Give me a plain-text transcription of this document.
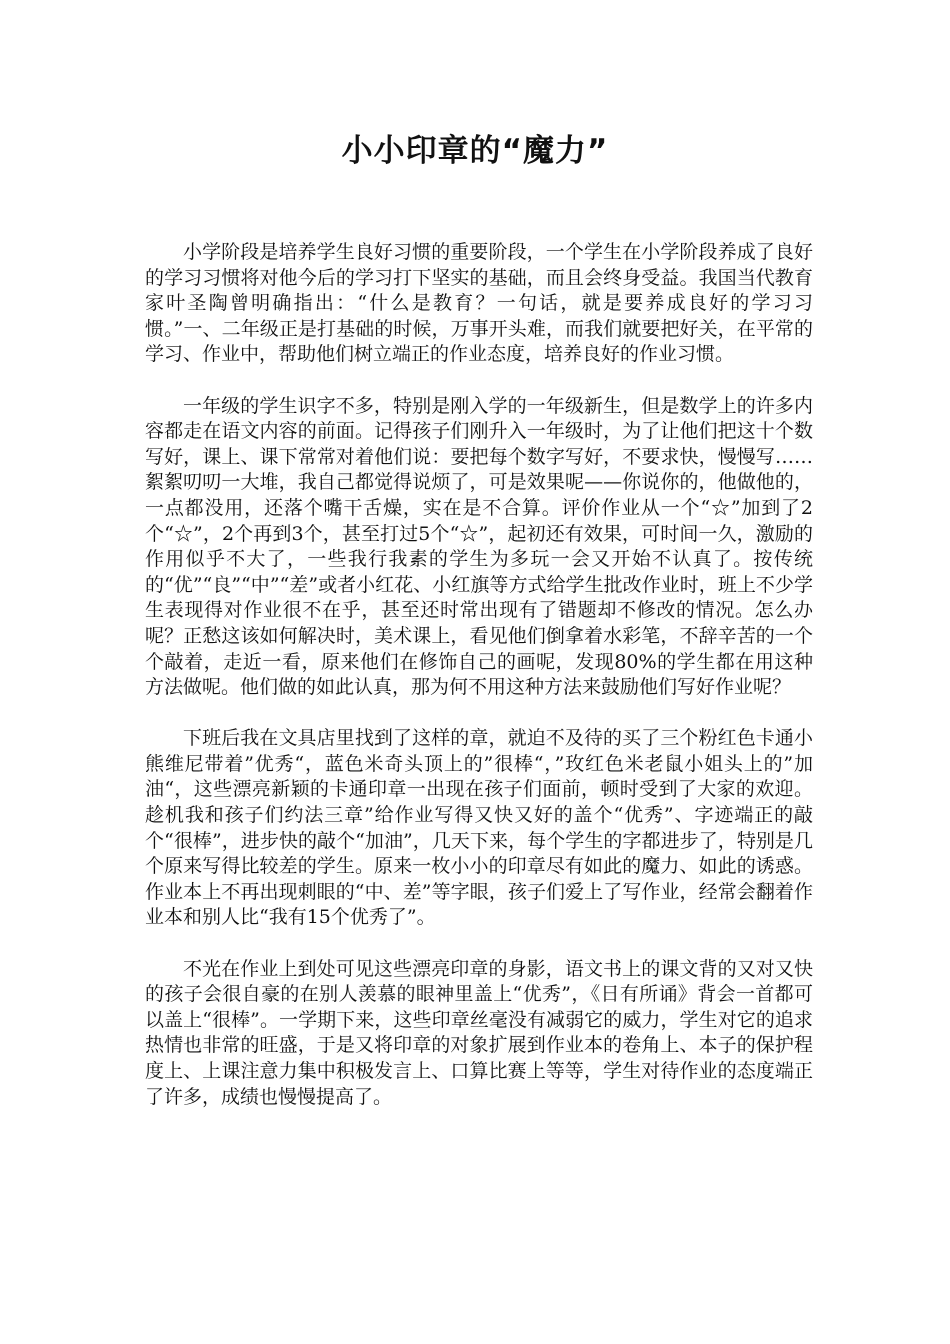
小小印章的“魔力”

小学阶段是培养学生良好习惯的重要阶段，一个学生在小学阶段养成了良好的学习习惯将对他今后的学习打下坚实的基础，而且会终身受益。我国当代教育家叶圣陶曾明确指出：“什么是教育？一句话，就是要养成良好的学习习惯。”一、二年级正是打基础的时候，万事开头难，而我们就要把好关，在平常的学习、作业中，帮助他们树立端正的作业态度，培养良好的作业习惯。

一年级的学生识字不多，特别是刚入学的一年级新生，但是数学上的许多内容都走在语文内容的前面。记得孩子们刚升入一年级时，为了让他们把这十个数写好，课上、课下常常对着他们说：要把每个数字写好，不要求快，慢慢写……絮絮叨叨一大堆，我自己都觉得说烦了，可是效果呢——你说你的，他做他的，一点都没用，还落个嘴干舌燥，实在是不合算。评价作业从一个“☆”加到了2个“☆”，2个再到3个，甚至打过5个“☆”，起初还有效果，可时间一久，激励的作用似乎不大了，一些我行我素的学生为多玩一会又开始不认真了。按传统的“优”“良”“中”“差”或者小红花、小红旗等方式给学生批改作业时，班上不少学生表现得对作业很不在乎，甚至还时常出现有了错题却不修改的情况。怎么办呢？正愁这该如何解决时，美术课上，看见他们倒拿着水彩笔，不辞辛苦的一个个敲着，走近一看，原来他们在修饰自己的画呢，发现80%的学生都在用这种方法做呢。他们做的如此认真，那为何不用这种方法来鼓励他们写好作业呢？

下班后我在文具店里找到了这样的章，就迫不及待的买了三个粉红色卡通小熊维尼带着”优秀“，蓝色米奇头顶上的”很棒“，”玫红色米老鼠小姐头上的”加油“，这些漂亮新颖的卡通印章一出现在孩子们面前，顿时受到了大家的欢迎。趁机我和孩子们约法三章”给作业写得又快又好的盖个“优秀”、字迹端正的敲个“很棒”，进步快的敲个“加油”，几天下来，每个学生的字都进步了，特别是几个原来写得比较差的学生。原来一枚小小的印章尽有如此的魔力、如此的诱惑。作业本上不再出现刺眼的“中、差”等字眼，孩子们爱上了写作业，经常会翻着作业本和别人比“我有15个优秀了”。

不光在作业上到处可见这些漂亮印章的身影，语文书上的课文背的又对又快的孩子会很自豪的在别人羡慕的眼神里盖上“优秀”，《日有所诵》背会一首都可以盖上“很棒”。一学期下来，这些印章丝毫没有减弱它的威力，学生对它的追求热情也非常的旺盛，于是又将印章的对象扩展到作业本的卷角上、本子的保护程度上、上课注意力集中积极发言上、口算比赛上等等，学生对待作业的态度端正了许多，成绩也慢慢提高了。
